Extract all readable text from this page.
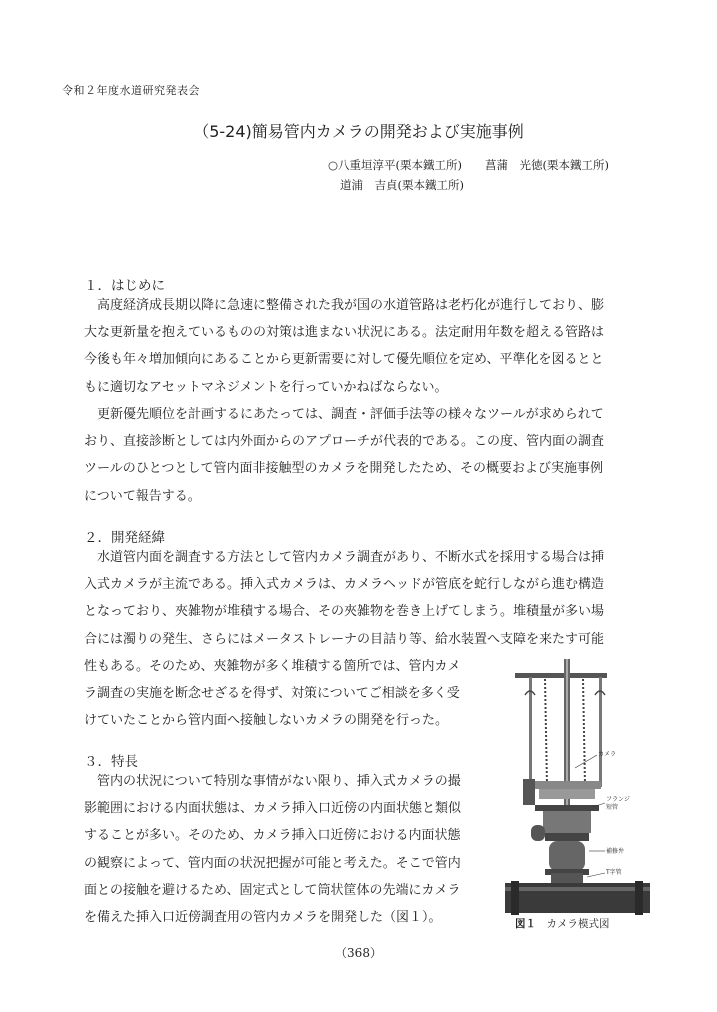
令和２年度水道研究発表会
（5-24)簡易管内カメラの開発および実施事例
○八重垣淳平(栗本鐵工所)　　菖蒲　光徳(栗本鐵工所)
道浦　吉貞(栗本鐵工所)
１．はじめに

　高度経済成長期以降に急速に整備された我が国の水道管路は老朽化が進行しており、膨
大な更新量を抱えているものの対策は進まない状況にある。法定耐用年数を超える管路は
今後も年々増加傾向にあることから更新需要に対して優先順位を定め、平準化を図るとと
もに適切なアセットマネジメントを行っていかねばならない。

　更新優先順位を計画するにあたっては、調査・評価手法等の様々なツールが求められて
おり、直接診断としては内外面からのアプローチが代表的である。この度、管内面の調査
ツールのひとつとして管内面非接触型のカメラを開発したため、その概要および実施事例
について報告する。

２．開発経緯

　水道管内面を調査する方法として管内カメラ調査があり、不断水式を採用する場合は挿
入式カメラが主流である。挿入式カメラは、カメラヘッドが管底を蛇行しながら進む構造
となっており、夾雑物が堆積する場合、その夾雑物を巻き上げてしまう。堆積量が多い場
合には濁りの発生、さらにはメータストレーナの目詰り等、給水装置へ支障を来たす可能
性もある。そのため、夾雑物が多く堆積する箇所では、管内カメ
ラ調査の実施を断念せざるを得ず、対策についてご相談を多く受
けていたことから管内面へ接触しないカメラの開発を行った。

３．特長

　管内の状況について特別な事情がない限り、挿入式カメラの撮
影範囲における内面状態は、カメラ挿入口近傍の内面状態と類似
することが多い。そのため、カメラ挿入口近傍における内面状態
の観察によって、管内面の状況把握が可能と考えた。そこで管内
面との接触を避けるため、固定式として筒状筐体の先端にカメラ
を備えた挿入口近傍調査用の管内カメラを開発した（図１）。

カメラ
フランジ
短管
補修弁
T字管
図１　 カメラ模式図
（368）
